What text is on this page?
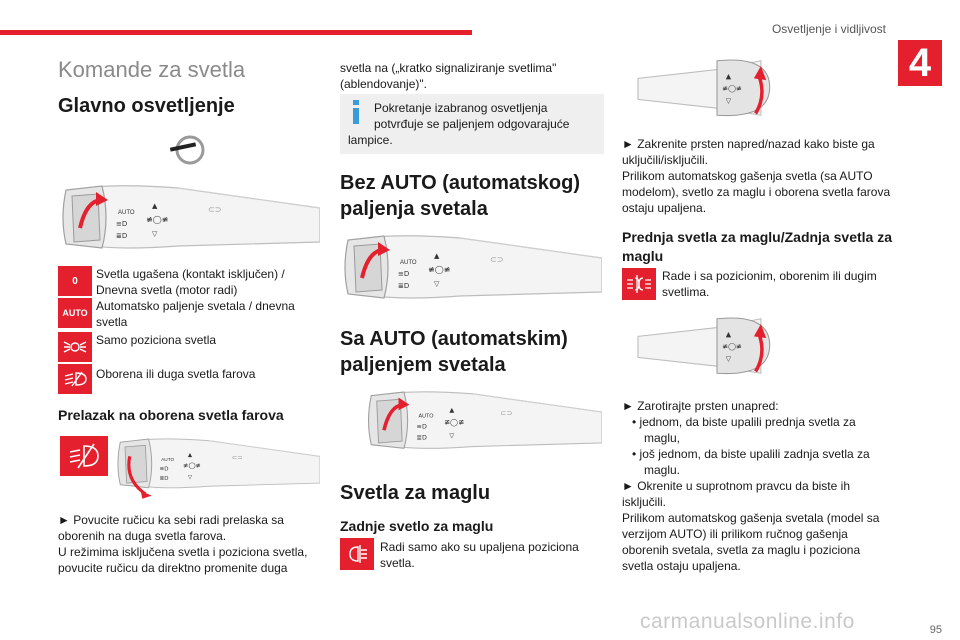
Osvetljenje i vidljivost
4
95
carmanualsonline.info
Komande za svetla
Glavno osvetljenje
0	Svetla ugašena (kontakt isključen) / Dnevna svetla (motor radi)
AUTO Automatsko paljenje svetala / dnevna svetla
Samo poziciona svetla
Oborena ili duga svetla farova
Prelazak na oborena svetla farova

► Povucite ručicu ka sebi radi prelaska sa oborenih na duga svetla farova.

U režimima isključena svetla i poziciona svetla, povucite ručicu da direktno promenite duga

svetla na („kratko signaliziranje svetlima" (ablendovanje)".
Pokretanje izabranog osvetljenja potvrđuje se paljenjem odgovarajuće
lampice.
Bez AUTO (automatskog) paljenja svetala
Sa AUTO (automatskim) paljenjem svetala
Svetla za maglu
Zadnje svetlo za maglu
Radi samo ako su upaljena poziciona svetla.
▲
≢◯≢
▽

► Zakrenite prsten napred/nazad kako biste ga uključili/isključili.

Prilikom automatskog gašenja svetla (sa AUTO modelom), svetlo za maglu i oborena svetla farova ostaju upaljena.

Prednja svetla za maglu/Zadnja svetla za maglu
Rade i sa pozicionim, oborenim ili dugim svetlima.
▲
≢◯≢
▽

► Zarotirajte prsten unapred:

• jednom, da biste upalili prednja svetla za maglu,
• još jednom, da biste upalili zadnja svetla za maglu.

► Okrenite u suprotnom pravcu da biste ih isključili.

Prilikom automatskog gašenja svetala (model sa verzijom AUTO) ili prilikom ručnog gašenja oborenih svetala, svetla za maglu i poziciona svetla ostaju upaljena.
